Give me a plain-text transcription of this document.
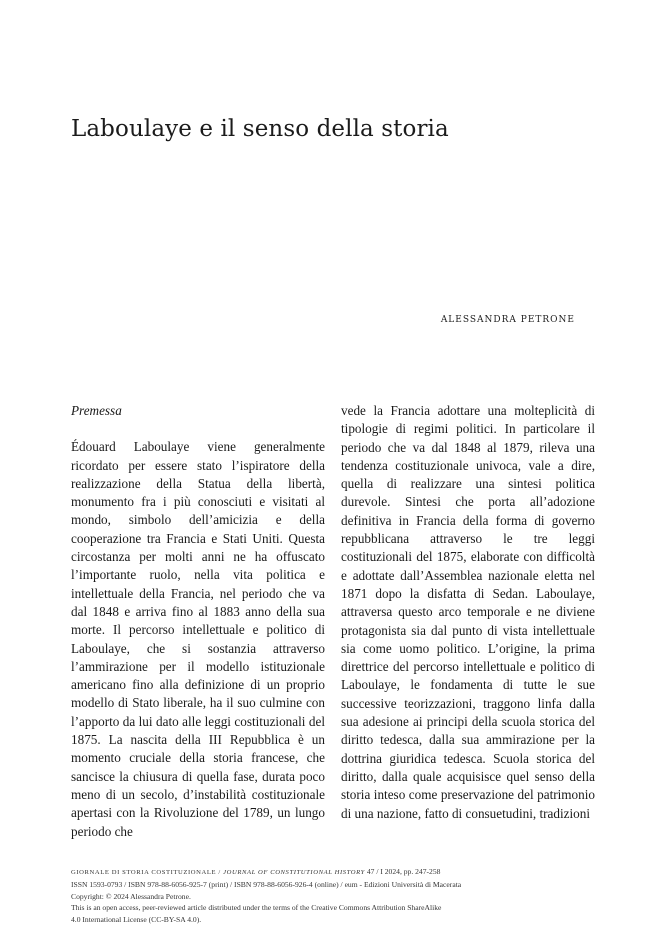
Laboulaye e il senso della storia
ALESSANDRA PETRONE

Premessa

Édouard Laboulaye viene generalmente ricordato per essere stato l’ispiratore della realizzazione della Statua della libertà, monumento fra i più conosciuti e visitati al mondo, simbolo dell’amicizia e della cooperazione tra Francia e Stati Uniti. Questa circostanza per molti anni ne ha offuscato l’importante ruolo, nella vita politica e intellettuale della Francia, nel periodo che va dal 1848 e arriva fino al 1883 anno della sua morte. Il percorso intellettuale e politico di Laboulaye, che si sostanzia attraverso l’ammirazione per il modello istituzionale americano fino alla definizione di un proprio modello di Stato liberale, ha il suo culmine con l’apporto da lui dato alle leggi costituzionali del 1875. La nascita della III Repubblica è un momento cruciale della storia francese, che sancisce la chiusura di quella fase, durata poco meno di un secolo, d’instabilità costituzionale apertasi con la Rivoluzione del 1789, un lungo periodo che

vede la Francia adottare una molteplicità di tipologie di regimi politici. In particolare il periodo che va dal 1848 al 1879, rileva una tendenza costituzionale univoca, vale a dire, quella di realizzare una sintesi politica durevole. Sintesi che porta all’adozione definitiva in Francia della forma di governo repubblicana attraverso le tre leggi costituzionali del 1875, elaborate con difficoltà e adottate dall’Assemblea nazionale eletta nel 1871 dopo la disfatta di Sedan. Laboulaye, attraversa questo arco temporale e ne diviene protagonista sia dal punto di vista intellettuale sia come uomo politico. L’origine, la prima direttrice del percorso intellettuale e politico di Laboulaye, le fondamenta di tutte le sue successive teorizzazioni, traggono linfa dalla sua adesione ai principi della scuola storica del diritto tedesca, dalla sua ammirazione per la dottrina giuridica tedesca. Scuola storica del diritto, dalla quale acquisisce quel senso della storia inteso come preservazione del patrimonio di una nazione, fatto di consuetudini, tradizioni

GIORNALE DI STORIA COSTITUZIONALE / JOURNAL OF CONSTITUTIONAL HISTORY 47 / I 2024, pp. 247-258
ISSN 1593-0793 / ISBN 978-88-6056-925-7 (print) / ISBN 978-88-6056-926-4 (online) / eum - Edizioni Università di Macerata
Copyright: © 2024 Alessandra Petrone.
This is an open access, peer-reviewed article distributed under the terms of the Creative Commons Attribution ShareAlike
4.0 International License (CC-BY-SA 4.0).
